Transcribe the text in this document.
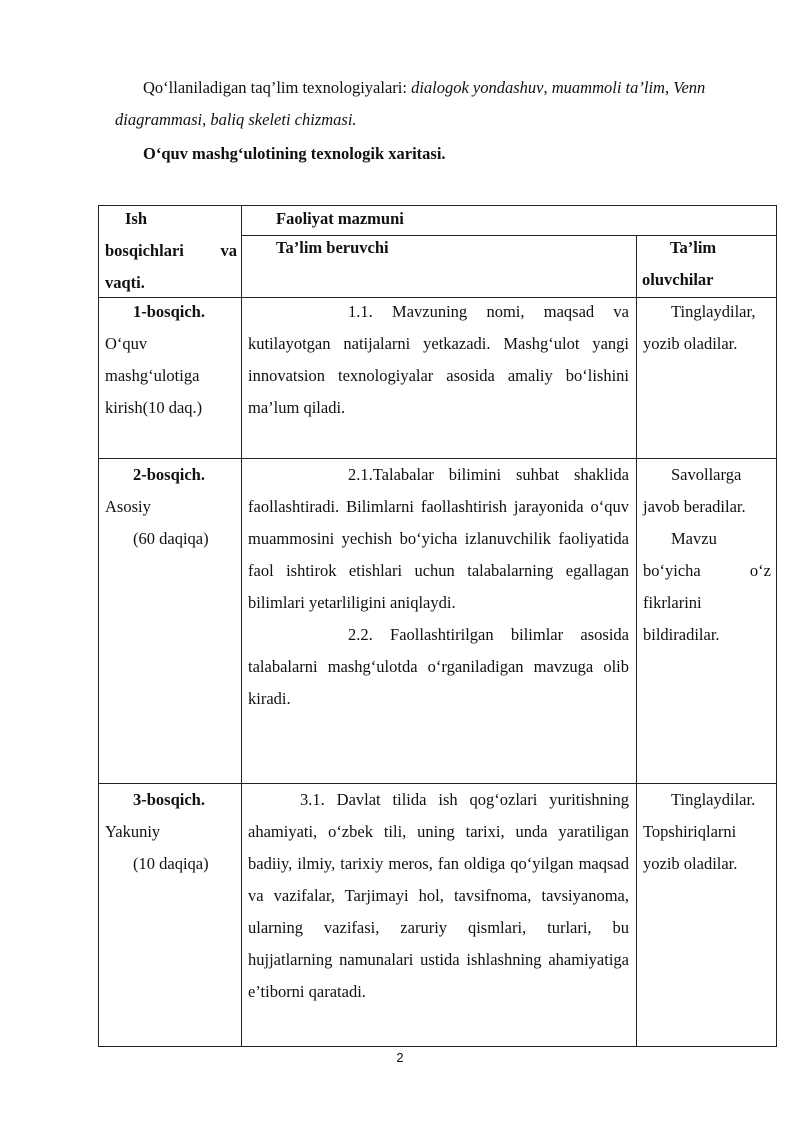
Qo‘llaniladigan taq’lim texnologiyalari: dialogok yondashuv, muammoli ta’lim, Venn diagrammasi, baliq skeleti chizmasi.

O‘quv mashg‘ulotining texnologik xaritasi.

Ish

bosqichlari va

vaqti.

Faoliyat mazmuni

Ta’lim beruvchi	Ta’lim

oluvchilar

1-bosqich.

O‘quv mashg‘ulotiga kirish(10 daq.)

1.1. Mavzuning nomi, maqsad va kutilayotgan natijalarni yetkazadi. Mashg‘ulot yangi innovatsion texnologiyalar asosida amaliy bo‘lishini ma’lum qiladi.

Tinglaydilar, yozib oladilar.

2-bosqich.

Asosiy

(60 daqiqa)

2.1.Talabalar bilimini suhbat shaklida faollashtiradi. Bilimlarni faollashtirish jarayonida o‘quv muammosini yechish bo‘yicha izlanuvchilik faoliyatida faol ishtirok etishlari uchun talabalarning egallagan bilimlari yetarliligini aniqlaydi.

2.2. Faollashtirilgan bilimlar asosida talabalarni mashg‘ulotda o‘rganiladigan mavzuga olib kiradi.

Savollarga javob beradilar.

Mavzu bo‘yicha o‘z fikrlarini bildiradilar.

3-bosqich.

Yakuniy

(10 daqiqa)

3.1. Davlat tilida ish qog‘ozlari yuritishning ahamiyati, o‘zbek tili, uning tarixi, unda yaratiligan badiiy, ilmiy, tarixiy meros, fan oldiga qo‘yilgan maqsad va vazifalar, Tarjimayi hol, tavsifnoma, tavsiyanoma, ularning vazifasi, zaruriy qismlari, turlari, bu hujjatlarning namunalari ustida ishlashning ahamiyatiga e’tiborni qaratadi.

Tinglaydilar. Topshiriqlarni yozib oladilar.

2
